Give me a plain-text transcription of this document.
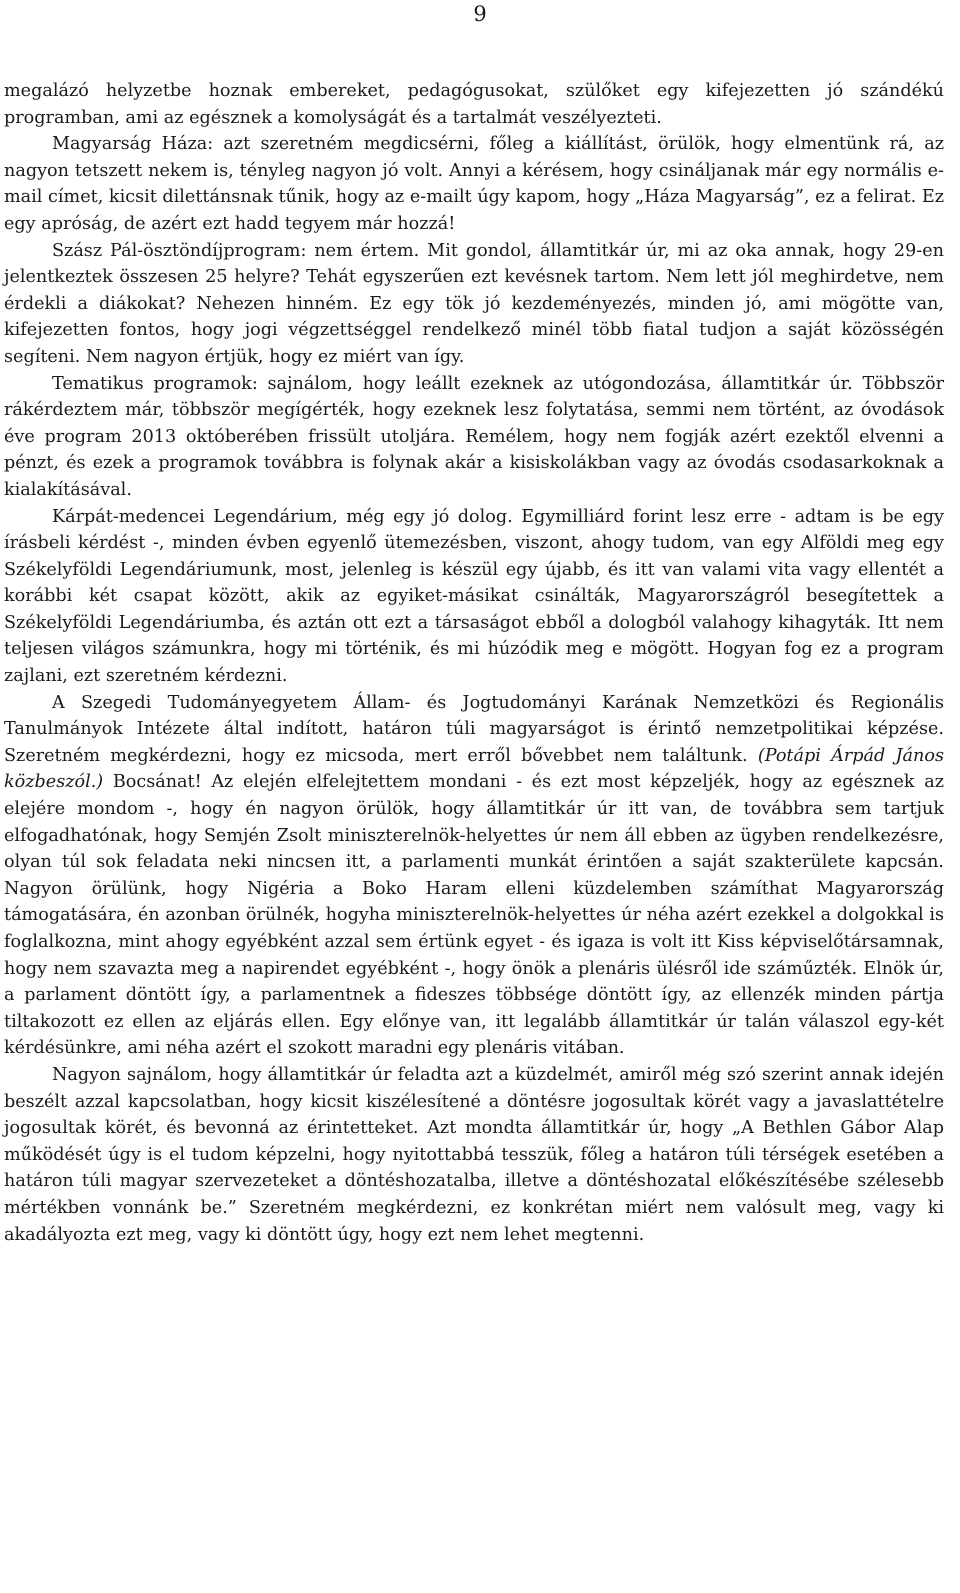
9

megalázó helyzetbe hoznak embereket, pedagógusokat, szülőket egy kifejezetten jó szándékú programban, ami az egésznek a komolyságát és a tartalmát veszélyezteti.

Magyarság Háza: azt szeretném megdicsérni, főleg a kiállítást, örülök, hogy elmentünk rá, az nagyon tetszett nekem is, tényleg nagyon jó volt. Annyi a kérésem, hogy csináljanak már egy normális e-mail címet, kicsit dilettánsnak tűnik, hogy az e-mailt úgy kapom, hogy „Háza Magyarság”, ez a felirat. Ez egy apróság, de azért ezt hadd tegyem már hozzá!

Szász Pál-ösztöndíjprogram: nem értem. Mit gondol, államtitkár úr, mi az oka annak, hogy 29-en jelentkeztek összesen 25 helyre? Tehát egyszerűen ezt kevésnek tartom. Nem lett jól meghirdetve, nem érdekli a diákokat? Nehezen hinném. Ez egy tök jó kezdeményezés, minden jó, ami mögötte van, kifejezetten fontos, hogy jogi végzettséggel rendelkező minél több fiatal tudjon a saját közösségén segíteni. Nem nagyon értjük, hogy ez miért van így.

Tematikus programok: sajnálom, hogy leállt ezeknek az utógondozása, államtitkár úr. Többször rákérdeztem már, többször megígérték, hogy ezeknek lesz folytatása, semmi nem történt, az óvodások éve program 2013 októberében frissült utoljára. Remélem, hogy nem fogják azért ezektől elvenni a pénzt, és ezek a programok továbbra is folynak akár a kisiskolákban vagy az óvodás csodasarkoknak a kialakításával.

Kárpát-medencei Legendárium, még egy jó dolog. Egymilliárd forint lesz erre - adtam is be egy írásbeli kérdést -, minden évben egyenlő ütemezésben, viszont, ahogy tudom, van egy Alföldi meg egy Székelyföldi Legendáriumunk, most, jelenleg is készül egy újabb, és itt van valami vita vagy ellentét a korábbi két csapat között, akik az egyiket-másikat csinálták, Magyarországról besegítettek a Székelyföldi Legendáriumba, és aztán ott ezt a társaságot ebből a dologból valahogy kihagyták. Itt nem teljesen világos számunkra, hogy mi történik, és mi húzódik meg e mögött. Hogyan fog ez a program zajlani, ezt szeretném kérdezni.

A Szegedi Tudományegyetem Állam- és Jogtudományi Karának Nemzetközi és Regionális Tanulmányok Intézete által indított, határon túli magyarságot is érintő nemzetpolitikai képzése. Szeretném megkérdezni, hogy ez micsoda, mert erről bővebbet nem találtunk. (Potápi Árpád János közbeszól.) Bocsánat! Az elején elfelejtettem mondani - és ezt most képzeljék, hogy az egésznek az elejére mondom -, hogy én nagyon örülök, hogy államtitkár úr itt van, de továbbra sem tartjuk elfogadhatónak, hogy Semjén Zsolt miniszterelnök-helyettes úr nem áll ebben az ügyben rendelkezésre, olyan túl sok feladata neki nincsen itt, a parlamenti munkát érintően a saját szakterülete kapcsán. Nagyon örülünk, hogy Nigéria a Boko Haram elleni küzdelemben számíthat Magyarország támogatására, én azonban örülnék, hogyha miniszterelnök-helyettes úr néha azért ezekkel a dolgokkal is foglalkozna, mint ahogy egyébként azzal sem értünk egyet - és igaza is volt itt Kiss képviselőtársamnak, hogy nem szavazta meg a napirendet egyébként -, hogy önök a plenáris ülésről ide száműzték. Elnök úr, a parlament döntött így, a parlamentnek a fideszes többsége döntött így, az ellenzék minden pártja tiltakozott ez ellen az eljárás ellen. Egy előnye van, itt legalább államtitkár úr talán válaszol egy-két kérdésünkre, ami néha azért el szokott maradni egy plenáris vitában.

Nagyon sajnálom, hogy államtitkár úr feladta azt a küzdelmét, amiről még szó szerint annak idején beszélt azzal kapcsolatban, hogy kicsit kiszélesítené a döntésre jogosultak körét vagy a javaslattételre jogosultak körét, és bevonná az érintetteket. Azt mondta államtitkár úr, hogy „A Bethlen Gábor Alap működését úgy is el tudom képzelni, hogy nyitottabbá tesszük, főleg a határon túli térségek esetében a határon túli magyar szervezeteket a döntéshozatalba, illetve a döntéshozatal előkészítésébe szélesebb mértékben vonnánk be.” Szeretném megkérdezni, ez konkrétan miért nem valósult meg, vagy ki akadályozta ezt meg, vagy ki döntött úgy, hogy ezt nem lehet megtenni.
